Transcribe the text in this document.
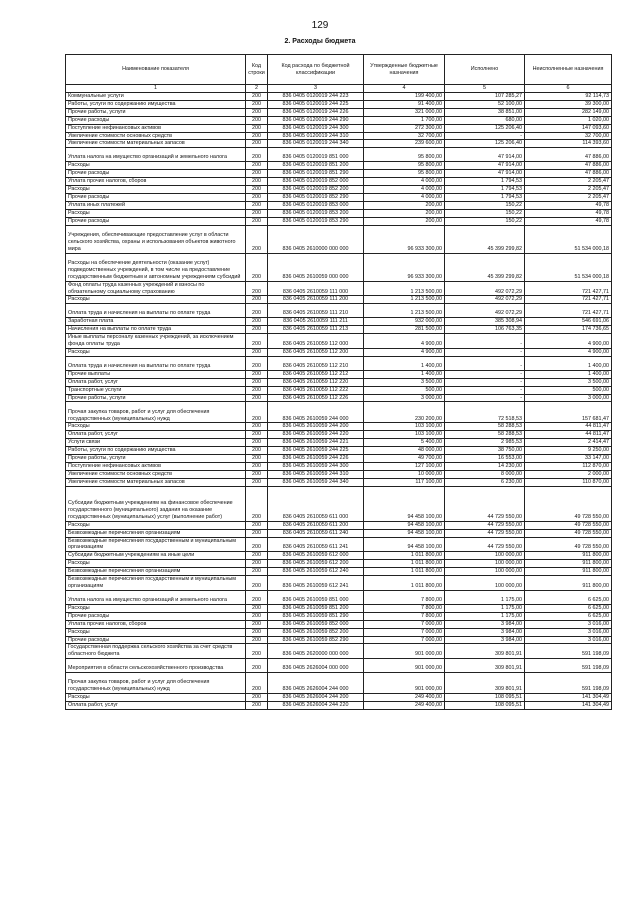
129
2. Расходы бюджета
Наименование показателя	Код строки	Код расхода по бюджетной классификации	Утвержденные бюджетные назначения	Исполнено	Неисполненные назначения
1	2	3	4	5	6
Коммунальные услуги	200	836 0405 0120019 244 223	199 400,00	107 285,27	92 114,73
Работы, услуги по содержанию имущества	200	836 0405 0120019 244 225	91 400,00	52 100,00	39 300,00
Прочие работы, услуги	200	836 0405 0120019 244 226	321 000,00	38 851,00	282 149,00
Прочие расходы	200	836 0405 0120019 244 290	1 700,00	680,00	1 020,00
Поступление нефинансовых активов	200	836 0405 0120019 244 300	272 300,00	125 206,40	147 093,60
Увеличение стоимости основных средств	200	836 0405 0120019 244 310	32 700,00	-	32 700,00
Увеличение стоимости материальных запасов	200	836 0405 0120019 244 340	239 600,00	125 206,40	114 393,60
Уплата налога на имущество организаций и земельного налога	200	836 0405 0120019 851 000	95 800,00	47 914,00	47 886,00
Расходы	200	836 0405 0120019 851 200	95 800,00	47 914,00	47 886,00
Прочие расходы	200	836 0405 0120019 851 290	95 800,00	47 914,00	47 886,00
Уплата прочих налогов, сборов	200	836 0405 0120019 852 000	4 000,00	1 794,53	2 205,47
Расходы	200	836 0405 0120019 852 200	4 000,00	1 794,53	2 205,47
Прочие расходы	200	836 0405 0120019 852 290	4 000,00	1 794,53	2 205,47
Уплата иных платежей	200	836 0405 0120019 853 000	200,00	150,22	49,78
Расходы	200	836 0405 0120019 853 200	200,00	150,22	49,78
Прочие расходы	200	836 0405 0120019 853 290	200,00	150,22	49,78
Учреждения, обеспечивающие предоставление услуг в области сельского хозяйства, охраны и использования объектов животного мира	200	836 0405 2610000 000 000	96 933 300,00	45 399 299,82	51 534 000,18
Расходы на обеспечение деятельности (оказание услуг) подведомственных учреждений, в том числе на предоставление государственным бюджетным и автономным учреждениям субсидий	200	836 0405 2610059 000 000	96 933 300,00	45 399 299,82	51 534 000,18
Фонд оплаты труда казенных учреждений и взносы по обязательному социальному страхованию	200	836 0405 2610059 111 000	1 213 500,00	492 072,29	721 427,71
Расходы	200	836 0405 2610059 111 200	1 213 500,00	492 072,29	721 427,71
Оплата труда и начисления на выплаты по оплате труда	200	836 0405 2610059 111 210	1 213 500,00	492 072,29	721 427,71
Заработная плата	200	836 0405 2610059 111 211	932 000,00	385 308,94	546 691,06
Начисления на выплаты по оплате труда	200	836 0405 2610059 111 213	281 500,00	106 763,35	174 736,65
Иные выплаты персоналу казенных учреждений, за исключением фонда оплаты труда	200	836 0405 2610059 112 000	4 900,00	-	4 900,00
Расходы	200	836 0405 2610059 112 200	4 900,00	-	4 900,00
Оплата труда и начисления на выплаты по оплате труда	200	836 0405 2610059 112 210	1 400,00	-	1 400,00
Прочие выплаты	200	836 0405 2610059 112 212	1 400,00	-	1 400,00
Оплата работ, услуг	200	836 0405 2610059 112 220	3 500,00	-	3 500,00
Транспортные услуги	200	836 0405 2610059 112 222	500,00	-	500,00
Прочие работы, услуги	200	836 0405 2610059 112 226	3 000,00	-	3 000,00
Прочая закупка товаров, работ и услуг для обеспечения государственных (муниципальных) нужд	200	836 0405 2610059 244 000	230 200,00	72 518,53	157 681,47
Расходы	200	836 0405 2610059 244 200	103 100,00	58 288,53	44 811,47
Оплата работ, услуг	200	836 0405 2610059 244 220	103 100,00	58 288,53	44 811,47
Услуги связи	200	836 0405 2610059 244 221	5 400,00	2 985,53	2 414,47
Работы, услуги по содержанию имущества	200	836 0405 2610059 244 225	48 000,00	38 750,00	9 250,00
Прочие работы, услуги	200	836 0405 2610059 244 226	49 700,00	16 553,00	33 147,00
Поступление нефинансовых активов	200	836 0405 2610059 244 300	127 100,00	14 230,00	112 870,00
Увеличение стоимости основных средств	200	836 0405 2610059 244 310	10 000,00	8 000,00	2 000,00
Увеличение стоимости материальных запасов	200	836 0405 2610059 244 340	117 100,00	6 230,00	110 870,00
Субсидии бюджетным учреждениям на финансовое обеспечение государственного (муниципального) задания на оказание государственных (муниципальных) услуг (выполнение работ)	200	836 0405 2610059 611 000	94 458 100,00	44 729 550,00	49 728 550,00
Расходы	200	836 0405 2610059 611 200	94 458 100,00	44 729 550,00	49 728 550,00
Безвозмездные перечисления организациям	200	836 0405 2610059 611 240	94 458 100,00	44 729 550,00	49 728 550,00
Безвозмездные перечисления государственным и муниципальным организациям	200	836 0405 2610059 611 241	94 458 100,00	44 729 550,00	49 728 550,00
Субсидии бюджетным учреждениям на иные цели	200	836 0405 2610059 612 000	1 011 800,00	100 000,00	911 800,00
Расходы	200	836 0405 2610059 612 200	1 011 800,00	100 000,00	911 800,00
Безвозмездные перечисления организациям	200	836 0405 2610059 612 240	1 011 800,00	100 000,00	911 800,00
Безвозмездные перечисления государственным и муниципальным организациям	200	836 0405 2610059 612 241	1 011 800,00	100 000,00	911 800,00
Уплата налога на имущество организаций и земельного налога	200	836 0405 2610059 851 000	7 800,00	1 175,00	6 625,00
Расходы	200	836 0405 2610059 851 200	7 800,00	1 175,00	6 625,00
Прочие расходы	200	836 0405 2610059 851 290	7 800,00	1 175,00	6 625,00
Уплата прочих налогов, сборов	200	836 0405 2610059 852 000	7 000,00	3 984,00	3 016,00
Расходы	200	836 0405 2610059 852 200	7 000,00	3 984,00	3 016,00
Прочие расходы	200	836 0405 2610059 852 290	7 000,00	3 984,00	3 016,00
Государственная поддержка сельского хозяйства за счет средств областного бюджета	200	836 0405 2620000 000 000	901 000,00	309 801,91	591 198,09
Мероприятия в области сельскохозяйственного производства	200	836 0405 2626004 000 000	901 000,00	309 801,91	591 198,09
Прочая закупка товаров, работ и услуг для обеспечения государственных (муниципальных) нужд	200	836 0405 2626004 244 000	901 000,00	309 801,91	591 198,09
Расходы	200	836 0405 2626004 244 200	249 400,00	108 095,51	141 304,49
Оплата работ, услуг	200	836 0405 2626004 244 220	249 400,00	108 095,51	141 304,49
